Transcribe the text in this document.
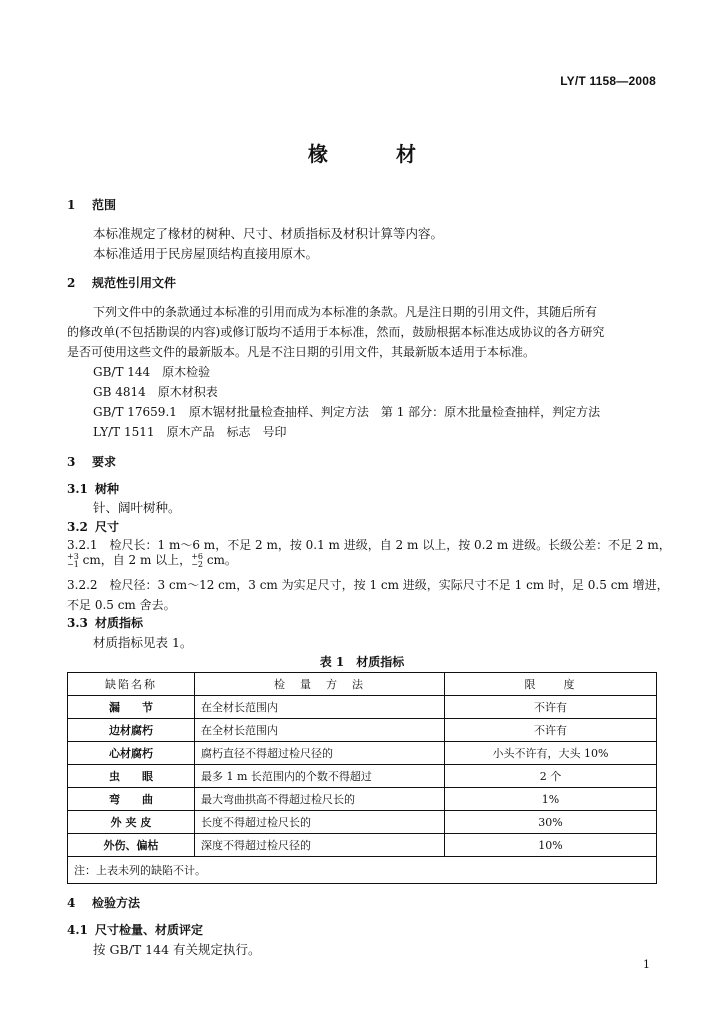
LY/T 1158—2008
椽	材
1 范围
本标准规定了椽材的树种、尺寸、材质指标及材积计算等内容。
本标准适用于民房屋顶结构直接用原木。
2 规范性引用文件
下列文件中的条款通过本标准的引用而成为本标准的条款。凡是注日期的引用文件，其随后所有
的修改单(不包括勘误的内容)或修订版均不适用于本标准，然而，鼓励根据本标准达成协议的各方研究
是否可使用这些文件的最新版本。凡是不注日期的引用文件，其最新版本适用于本标准。
GB/T 144　原木检验
GB 4814　原木材积表
GB/T 17659.1　原木锯材批量检查抽样、判定方法　第 1 部分：原木批量检查抽样，判定方法
LY/T 1511　原木产品　标志　号印
3 要求
3.1 树种
针、阔叶树种。
3.2 尺寸
3.2.1　检尺长：1 m～6 m，不足 2 m，按 0.1 m 进级，自 2 m 以上，按 0.2 m 进级。长级公差：不足 2 m，
+3
−1 cm，自 2 m 以上，+6
−2 cm。
3.2.2　检尺径：3 cm～12 cm，3 cm 为实足尺寸，按 1 cm 进级，实际尺寸不足 1 cm 时，足 0.5 cm 增进，
不足 0.5 cm 舍去。
3.3 材质指标
材质指标见表 1。
表 1　材质指标
缺陷名称	检　量　方　法	限　　度
漏　　节	在全材长范围内	不许有
边材腐朽	在全材长范围内	不许有
心材腐朽	腐朽直径不得超过检尺径的	小头不许有，大头 10%
虫　　眼	最多 1 m 长范围内的个数不得超过	2 个
弯　　曲	最大弯曲拱高不得超过检尺长的	1%
外 夹 皮	长度不得超过检尺长的	30%
外伤、偏枯	深度不得超过检尺径的	10%
注：上表未列的缺陷不计。		
4 检验方法
4.1 尺寸检量、材质评定
按 GB/T 144 有关规定执行。
1
